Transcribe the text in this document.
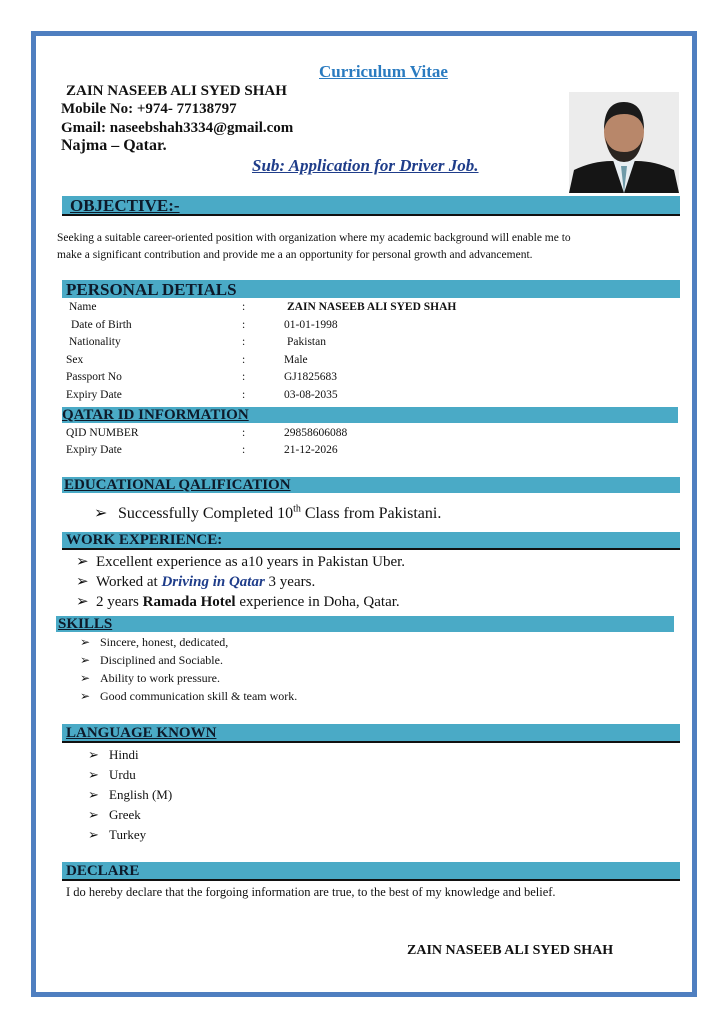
Curriculum Vitae
ZAIN NASEEB ALI SYED SHAH
Mobile No: +974- 77138797
Gmail: naseebshah3334@gmail.com
Najma – Qatar.
Sub: Application for Driver Job.
OBJECTIVE:-
Seeking a suitable career-oriented position with organization where my academic background will enable me to
make a significant contribution and provide me a an opportunity for personal growth and advancement.
PERSONAL DETIALS
Name	:	ZAIN NASEEB ALI SYED SHAH
Date of Birth	:	01-01-1998
Nationality	:	Pakistan
Sex	:	Male
Passport No	:	GJ1825683
Expiry Date	:	03-08-2035
QATAR ID INFORMATION
QID NUMBER	:	29858606088
Expiry Date	:	21-12-2026
EDUCATIONAL QALIFICATION
➢ Successfully Completed 10th Class from Pakistani.
WORK EXPERIENCE:
➢ Excellent experience as a10 years in Pakistan Uber.
➢ Worked at Driving in Qatar 3 years.
➢ 2 years Ramada Hotel experience in Doha, Qatar.
SKILLS
➢ Sincere, honest, dedicated,
➢ Disciplined and Sociable.
➢ Ability to work pressure.
➢ Good communication skill & team work.
LANGUAGE KNOWN
➢ Hindi
➢ Urdu
➢ English (M)
➢ Greek
➢ Turkey
DECLARE
I do hereby declare that the forgoing information are true, to the best of my knowledge and belief.
ZAIN NASEEB ALI SYED SHAH
